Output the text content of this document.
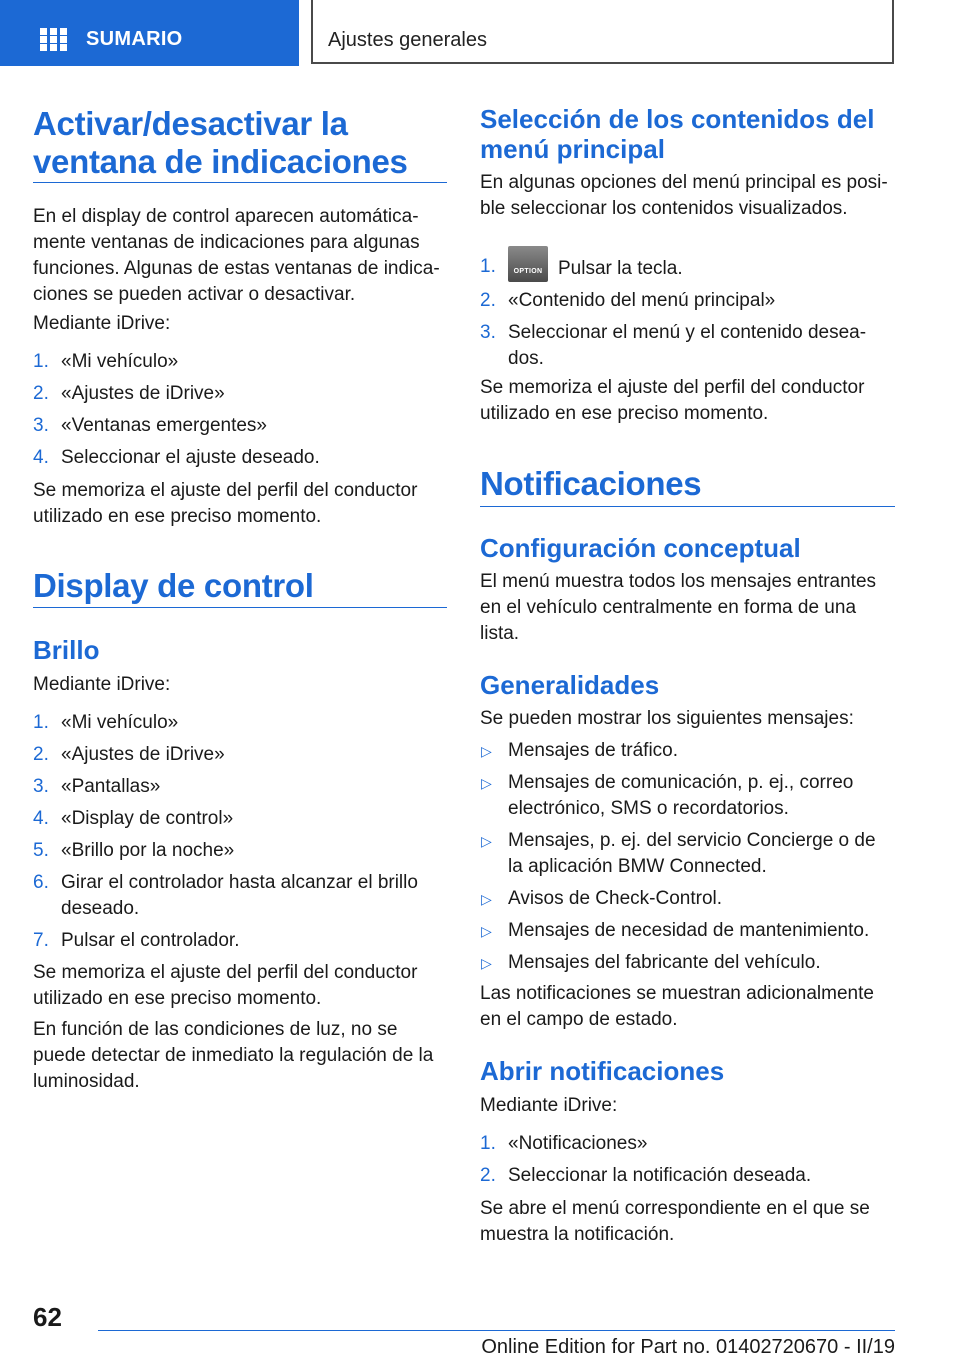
SUMARIO	Ajustes generales
Activar/desactivar la ventana de indicaciones

En el display de control aparecen automáticamente ventanas de indicaciones para algunas funciones. Algunas de estas ventanas de indicaciones se pueden activar o desactivar.

Mediante iDrive:

1. «Mi vehículo»
2. «Ajustes de iDrive»
3. «Ventanas emergentes»
4. Seleccionar el ajuste deseado.

Se memoriza el ajuste del perfil del conductor utilizado en ese preciso momento.

Display de control
Brillo

Mediante iDrive:

1. «Mi vehículo»
2. «Ajustes de iDrive»
3. «Pantallas»
4. «Display de control»
5. «Brillo por la noche»
6. Girar el controlador hasta alcanzar el brillo deseado.
7. Pulsar el controlador.

Se memoriza el ajuste del perfil del conductor utilizado en ese preciso momento.

En función de las condiciones de luz, no se puede detectar de inmediato la regulación de la luminosidad.

Selección de los contenidos del menú principal

En algunas opciones del menú principal es posible seleccionar los contenidos visualizados.

1.	OPTION Pulsar la tecla.
2. «Contenido del menú principal»
3. Seleccionar el menú y el contenido deseados.

Se memoriza el ajuste del perfil del conductor utilizado en ese preciso momento.

Notificaciones
Configuración conceptual

El menú muestra todos los mensajes entrantes en el vehículo centralmente en forma de una lista.

Generalidades

Se pueden mostrar los siguientes mensajes:

▷ Mensajes de tráfico.
▷ Mensajes de comunicación, p. ej., correo electrónico, SMS o recordatorios.
▷ Mensajes, p. ej. del servicio Concierge o de la aplicación BMW Connected.
▷ Avisos de Check-Control.
▷ Mensajes de necesidad de mantenimiento.
▷ Mensajes del fabricante del vehículo.

Las notificaciones se muestran adicionalmente en el campo de estado.

Abrir notificaciones

Mediante iDrive:

1. «Notificaciones»
2. Seleccionar la notificación deseada.

Se abre el menú correspondiente en el que se muestra la notificación.

62
Online Edition for Part no. 01402720670 - II/19
